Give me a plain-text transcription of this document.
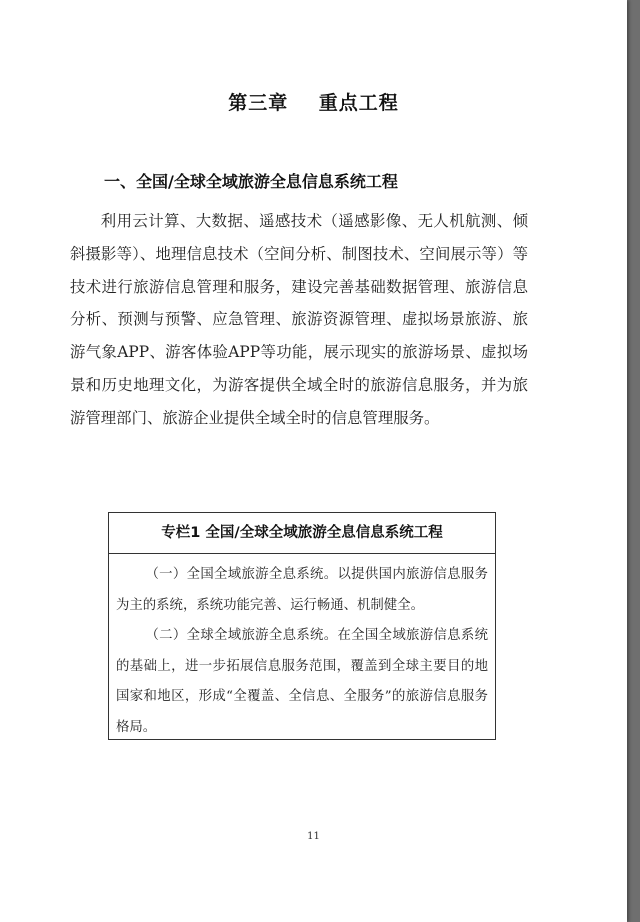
第三章    重点工程
一、全国/全球全域旅游全息信息系统工程

利用云计算、大数据、遥感技术（遥感影像、无人机航测、倾斜摄影等）、地理信息技术（空间分析、制图技术、空间展示等）等技术进行旅游信息管理和服务，建设完善基础数据管理、旅游信息分析、预测与预警、应急管理、旅游资源管理、虚拟场景旅游、旅游气象APP、游客体验APP等功能，展示现实的旅游场景、虚拟场景和历史地理文化，为游客提供全域全时的旅游信息服务，并为旅游管理部门、旅游企业提供全域全时的信息管理服务。

专栏1 全国/全球全域旅游全息信息系统工程

（一）全国全域旅游全息系统。以提供国内旅游信息服务为主的系统，系统功能完善、运行畅通、机制健全。

（二）全球全域旅游全息系统。在全国全域旅游信息系统的基础上，进一步拓展信息服务范围，覆盖到全球主要目的地国家和地区，形成“全覆盖、全信息、全服务”的旅游信息服务格局。

11
